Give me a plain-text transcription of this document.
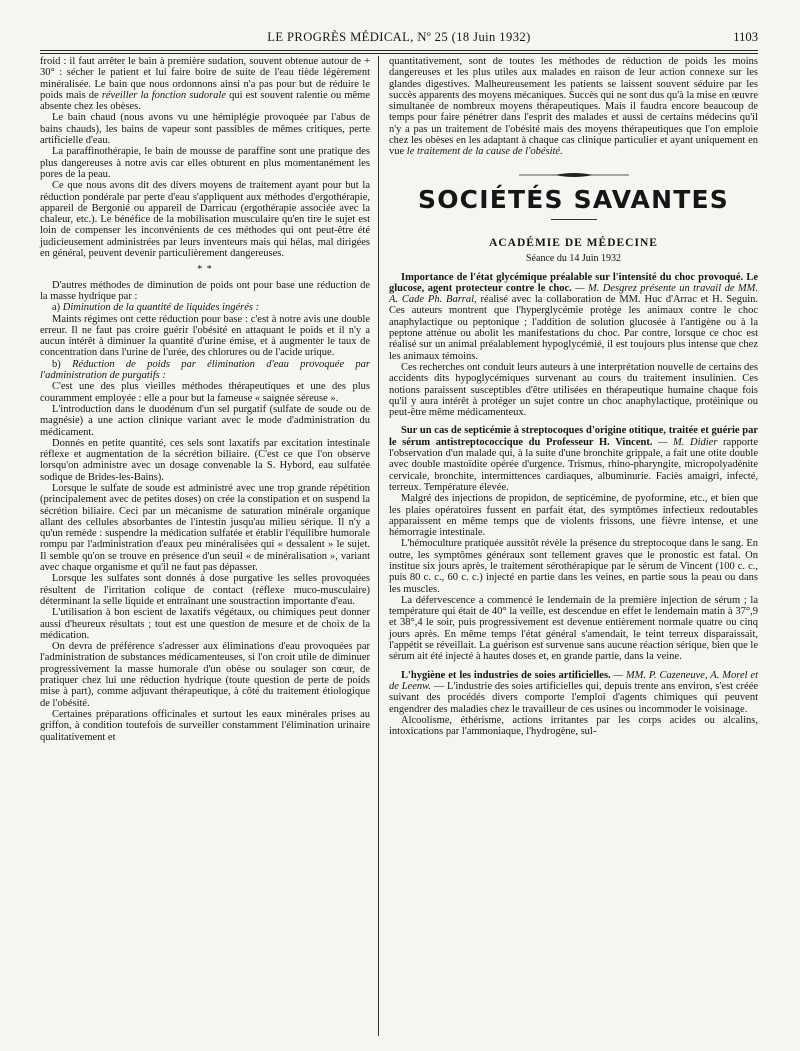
LE PROGRÈS MÉDICAL, Nº 25 (18 Juin 1932)	1103

froid : il faut arrêter le bain à première sudation, souvent obtenue autour de + 30° : sécher le patient et lui faire boire de suite de l'eau tiède légèrement minéralisée. Le bain que nous ordonnons ainsi n'a pas pour but de réduire le poids mais de réveiller la fonction sudorale qui est souvent ralentie ou même absente chez les obèses.

Le bain chaud (nous avons vu une hémiplégie provoquée par l'abus de bains chauds), les bains de vapeur sont passibles de mêmes critiques, perte artificielle d'eau.

La paraffinothérapie, le bain de mousse de paraffine sont une pratique des plus dangereuses à notre avis car elles obturent en plus momentanément les pores de la peau.

Ce que nous avons dit des divers moyens de traitement ayant pour but la réduction pondérale par perte d'eau s'appliquent aux méthodes d'ergothérapie, appareil de Bergonié ou appareil de Darricau (ergothérapie associée avec la chaleur, etc.). Le bénéfice de la mobilisation musculaire qu'en tire le sujet est loin de compenser les inconvénients de ces méthodes qui ont peut-être été judicieusement administrées par leurs inventeurs mais qui hélas, mal dirigées en général, peuvent devenir particulièrement dangereuses.

* *

D'autres méthodes de diminution de poids ont pour base une réduction de la masse hydrique par :

a) Diminution de la quantité de liquides ingérés :

Maints régimes ont cette réduction pour base : c'est à notre avis une double erreur. Il ne faut pas croire guérir l'obésité en attaquant le poids et il n'y a aucun intérêt à diminuer la quantité d'urine émise, et à augmenter le taux de concentration dans l'urine de l'urée, des chlorures ou de l'acide urique.

b) Réduction de poids par élimination d'eau provoquée par l'administration de purgatifs :

C'est une des plus vieilles méthodes thérapeutiques et une des plus couramment employée : elle a pour but la fameuse « saignée séreuse ».

L'introduction dans le duodénum d'un sel purgatif (sulfate de soude ou de magnésie) a une action clinique variant avec le mode d'administration du médicament.

Donnés en petite quantité, ces sels sont laxatifs par excitation intestinale réflexe et augmentation de la sécrétion biliaire. (C'est ce que l'on observe lorsqu'on administre avec un dosage convenable la S. Hybord, eau sulfatée sodique de Brides-les-Bains).

Lorsque le sulfate de soude est administré avec une trop grande répétition (principalement avec de petites doses) on crée la constipation et on suspend la sécrétion biliaire. Ceci par un mécanisme de saturation minérale organique allant des cellules absorbantes de l'intestin jusqu'au milieu sérique. Il n'y a qu'un remède : suspendre la médication sulfatée et établir l'équilibre humorale rompu par l'administration d'eaux peu minéralisées qui « dessalent » le sujet. Il semble qu'on se trouve en présence d'un seuil « de minéralisation », variant avec chaque organisme et qu'il ne faut pas dépasser.

Lorsque les sulfates sont donnés à dose purgative les selles provoquées résultent de l'irritation colique de contact (réflexe muco-musculaire) déterminant la selle liquide et entraînant une soustraction importante d'eau.

L'utilisation à bon escient de laxatifs végétaux, ou chimiques peut donner aussi d'heureux résultats ; tout est une question de mesure et de choix de la médication.

On devra de préférence s'adresser aux éliminations d'eau provoquées par l'administration de substances médicamenteuses, si l'on croit utile de diminuer progressivement la masse humorale d'un obèse ou soulager son cœur, de pratiquer chez lui une réduction hydrique (toute question de perte de poids mise à part), comme adjuvant thérapeutique, à côté du traitement étiologique de l'obésité.

Certaines préparations officinales et surtout les eaux minérales prises au griffon, à condition toutefois de surveiller constamment l'élimination urinaire qualitativement et

quantitativement, sont de toutes les méthodes de réduction de poids les moins dangereuses et les plus utiles aux malades en raison de leur action connexe sur les glandes digestives. Malheureusement les patients se laissent souvent séduire par les succès apparents des moyens mécaniques. Succès qui ne sont dus qu'à la mise en œuvre simultanée de nombreux moyens thérapeutiques. Mais il faudra encore beaucoup de temps pour faire pénétrer dans l'esprit des malades et aussi de certains médecins qu'il n'y a pas un traitement de l'obésité mais des moyens thérapeutiques que l'on emploie chez les obèses en les adaptant à chaque cas clinique particulier et ayant uniquement en vue le traitement de la cause de l'obésité.

SOCIÉTÉS SAVANTES
ACADÉMIE DE MÉDECINE
Séance du 14 Juin 1932

Importance de l'état glycémique préalable sur l'intensité du choc provoqué. Le glucose, agent protecteur contre le choc. — M. Desgrez présente un travail de MM. A. Cade Ph. Barral, réalisé avec la collaboration de MM. Huc d'Arrac et H. Seguin. Ces auteurs montrent que l'hyperglycémie protège les animaux contre le choc anaphylactique ou peptonique ; l'addition de solution glucosée à l'antigène ou à la peptone atténue ou abolit les manifestations du choc. Par contre, lorsque ce choc est réalisé sur un animal préalablement hypoglycémié, il est toujours plus intense que chez les animaux témoins.

Ces recherches ont conduit leurs auteurs à une interprétation nouvelle de certains des accidents dits hypoglycémiques survenant au cours du traitement insulinien. Ces notions paraissent susceptibles d'être utilisées en thérapeutique humaine chaque fois qu'il y aura intérêt à protéger un sujet contre un choc anaphylactique, protéinique ou peut-être même médicamenteux.

Sur un cas de septicémie à streptocoques d'origine otitique, traitée et guérie par le sérum antistreptococcique du Professeur H. Vincent. — M. Didier rapporte l'observation d'un malade qui, à la suite d'une bronchite grippale, a fait une otite double avec double mastoïdite opérée d'urgence. Trismus, rhino-pharyngite, micropolyadénite cervicale, bronchite, intermittences cardiaques, albuminurie. Faciès amaigri, infecté, terreux. Température élevée.

Malgré des injections de propidon, de septicémine, de pyoformine, etc., et bien que les plaies opératoires fussent en parfait état, des symptômes infectieux redoutables apparaissent en même temps que de violents frissons, une fièvre intense, et une hémorragie intestinale.

L'hémoculture pratiquée aussitôt révèle la présence du streptocoque dans le sang. En outre, les symptômes généraux sont tellement graves que le pronostic est fatal. On institue six jours après, le traitement sérothérapique par le sérum de Vincent (100 c. c., puis 80 c. c., 60 c. c.) injecté en partie dans les veines, en partie sous la peau ou dans les muscles.

La défervescence a commencé le lendemain de la première injection de sérum ; la température qui était de 40° la veille, est descendue en effet le lendemain matin à 37°,9 et 38°,4 le soir, puis progressivement est devenue entièrement normale quatre ou cinq jours après. En même temps l'état général s'amendait, le teint terreux disparaissait, l'appétit se réveillait. La guérison est survenue sans aucune réaction sérique, bien que le sérum ait été injecté à hautes doses et, en grande partie, dans la veine.

L'hygiène et les industries de soies artificielles. — MM. P. Cazeneuve, A. Morel et de Leenw. — L'industrie des soies artificielles qui, depuis trente ans environ, s'est créée suivant des procédés divers comporte l'emploi d'agents chimiques qui peuvent engendrer des maladies chez le travailleur de ces usines ou incommoder le voisinage.

Alcoolisme, éthérisme, actions irritantes par les corps acides ou alcalins, intoxications par l'ammoniaque, l'hydrogène, sul-
